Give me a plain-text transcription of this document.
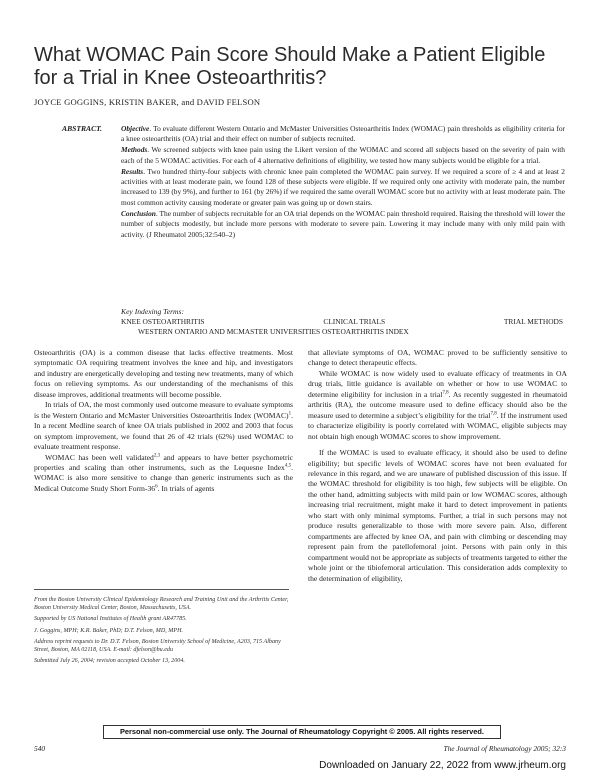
What WOMAC Pain Score Should Make a Patient Eligible for a Trial in Knee Osteoarthritis?
JOYCE GOGGINS, KRISTIN BAKER, and DAVID FELSON
ABSTRACT.	Objective. To evaluate different Western Ontario and McMaster Universities Osteoarthritis Index (WOMAC) pain thresholds as eligibility criteria for a knee osteoarthritis (OA) trial and their effect on number of subjects recruited.

Methods. We screened subjects with knee pain using the Likert version of the WOMAC and scored all subjects based on the severity of pain with each of the 5 WOMAC activities. For each of 4 alternative definitions of eligibility, we tested how many subjects would be eligible for a trial.

Results. Two hundred thirty-four subjects with chronic knee pain completed the WOMAC pain survey. If we required a score of ≥ 4 and at least 2 activities with at least moderate pain, we found 128 of these subjects were eligible. If we required only one activity with moderate pain, the number increased to 139 (by 9%), and further to 161 (by 26%) if we required the same overall WOMAC score but no activity with at least moderate pain. The most common activity causing moderate or greater pain was going up or down stairs.

Conclusion. The number of subjects recruitable for an OA trial depends on the WOMAC pain threshold required. Raising the threshold will lower the number of subjects modestly, but include more persons with moderate to severe pain. Lowering it may include many with only mild pain with activity. (J Rheumatol 2005;32:540–2)

Key Indexing Terms:
KNEE OSTEOARTHRITIS	CLINICAL TRIALS	TRIAL METHODS
WESTERN ONTARIO AND MCMASTER UNIVERSITIES OSTEOARTHRITIS INDEX

Osteoarthritis (OA) is a common disease that lacks effective treatments. Most symptomatic OA requiring treatment involves the knee and hip, and investigators and industry are energetically developing and testing new treatments, many of which focus on relieving symptoms. As our understanding of the mechanisms of this disease improves, additional treatments will become possible.

In trials of OA, the most commonly used outcome measure to evaluate symptoms is the Western Ontario and McMaster Universities Osteoarthritis Index (WOMAC)$^1$. In a recent Medline search of knee OA trials published in 2002 and 2003 that focus on symptom improvement, we found that 26 of 42 trials (62%) used WOMAC to evaluate treatment response.

WOMAC has been well validated$^{2,3}$ and appears to have better psychometric properties and scaling than other instruments, such as the Lequesne Index$^{4,5}$. WOMAC is also more sensitive to change than generic instruments such as the Medical Outcome Study Short Form-$36^6$. In trials of agents

From the Boston University Clinical Epidemiology Research and Training Unit and the Arthritis Center, Boston University Medical Center, Boston, Massachusetts, USA.

Supported by US National Institutes of Health grant AR47785.

J. Goggins, MPH; K.R. Baker, PhD; D.T. Felson, MD, MPH.

Address reprint requests to Dr. D.T. Felson, Boston University School of Medicine, A203, 715 Albany Street, Boston, MA 02118, USA. E-mail: dfelson@bu.edu

Submitted July 26, 2004; revision accepted October 13, 2004.

that alleviate symptoms of OA, WOMAC proved to be sufficiently sensitive to change to detect therapeutic effects.

While WOMAC is now widely used to evaluate efficacy of treatments in OA drug trials, little guidance is available on whether or how to use WOMAC to determine eligibility for inclusion in a trial$^{7,8}$. As recently suggested in rheumatoid arthritis (RA), the outcome measure used to define efficacy should also be the measure used to determine a subject’s eligibility for the trial$^{7,8}$. If the instrument used to characterize eligibility is poorly correlated with WOMAC, eligible subjects may not obtain high enough WOMAC scores to show improvement.

If the WOMAC is used to evaluate efficacy, it should also be used to define eligibility; but specific levels of WOMAC scores have not been evaluated for relevance in this regard, and we are unaware of published discussion of this issue. If the WOMAC threshold for eligibility is too high, few subjects will be eligible. On the other hand, admitting subjects with mild pain or low WOMAC scores, although increasing trial recruitment, might make it hard to detect improvement in patients who start with only minimal symptoms. Further, a trial in such persons may not produce results generalizable to those with more severe pain. Also, different compartments are affected by knee OA, and pain with climbing or descending may represent pain from the patellofemoral joint. Persons with pain only in this compartment would not be appropriate as subjects of treatments targeted to either the whole joint or the tibiofemoral articulation. This consideration adds complexity to the determination of eligibility,

Personal non-commercial use only. The Journal of Rheumatology Copyright © 2005. All rights reserved.
540	The Journal of Rheumatology 2005; 32:3
Downloaded on January 22, 2022 from www.jrheum.org
